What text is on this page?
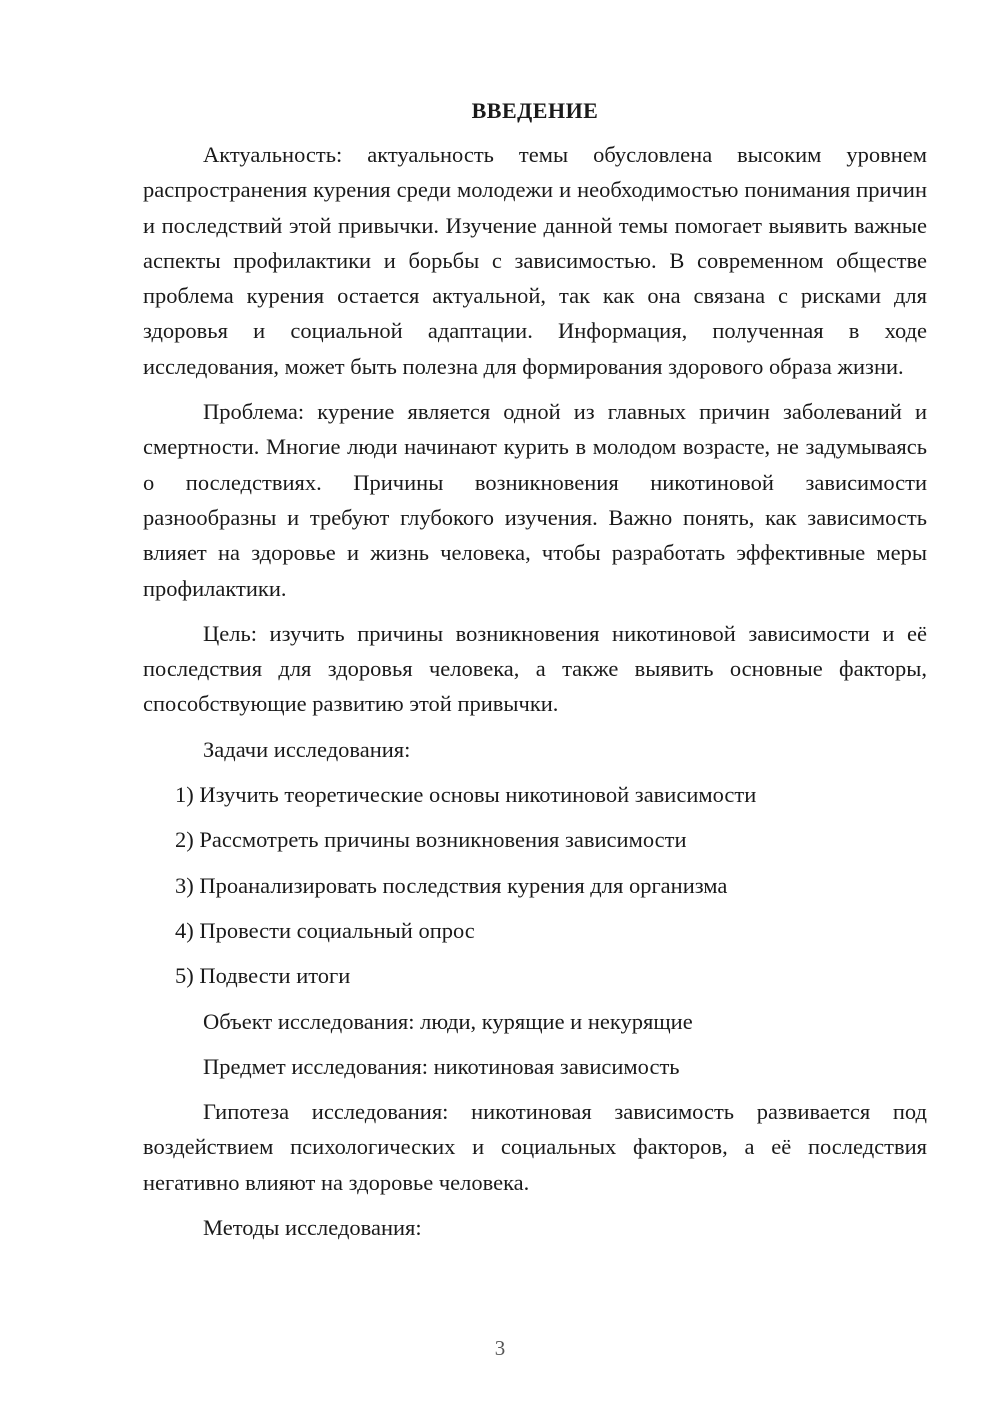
ВВЕДЕНИЕ

Актуальность: актуальность темы обусловлена высоким уровнем распространения курения среди молодежи и необходимостью понимания причин и последствий этой привычки. Изучение данной темы помогает выявить важные аспекты профилактики и борьбы с зависимостью. В современном обществе проблема курения остается актуальной, так как она связана с рисками для здоровья и социальной адаптации. Информация, полученная в ходе исследования, может быть полезна для формирования здорового образа жизни.

Проблема: курение является одной из главных причин заболеваний и смертности. Многие люди начинают курить в молодом возрасте, не задумываясь о последствиях. Причины возникновения никотиновой зависимости разнообразны и требуют глубокого изучения. Важно понять, как зависимость влияет на здоровье и жизнь человека, чтобы разработать эффективные меры профилактики.

Цель: изучить причины возникновения никотиновой зависимости и её последствия для здоровья человека, а также выявить основные факторы, способствующие развитию этой привычки.

Задачи исследования:

1) Изучить теоретические основы никотиновой зависимости
2) Рассмотреть причины возникновения зависимости
3) Проанализировать последствия курения для организма
4) Провести социальный опрос
5) Подвести итоги

Объект исследования: люди, курящие и некурящие

Предмет исследования: никотиновая зависимость

Гипотеза исследования: никотиновая зависимость развивается под воздействием психологических и социальных факторов, а её последствия негативно влияют на здоровье человека.

Методы исследования:

3
